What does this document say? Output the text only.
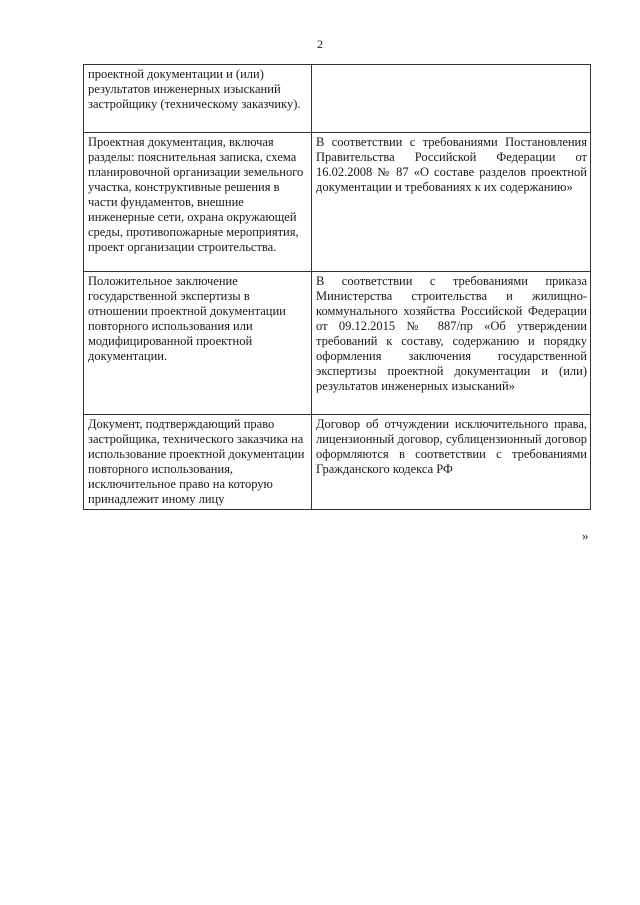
2
проектной документации и (или) результатов инженерных изысканий застройщику (техническому заказчику).	
Проектная документация, включая разделы: пояснительная записка, схема планировочной организации земельного участка, конструктивные решения в части фундаментов, внешние инженерные сети, охрана окружающей среды, противопожарные мероприятия, проект организации строительства.	В соответствии с требованиями Постановления Правительства Российской Федерации от 16.02.2008 № 87 «О составе разделов проектной документации и требованиях к их содержанию»
Положительное заключение государственной экспертизы в отношении проектной документации повторного использования или модифицированной проектной документации.	В соответствии с требованиями приказа Министерства строительства и жилищно-коммунального хозяйства Российской Федерации от 09.12.2015 № 887/пр «Об утверждении требований к составу, содержанию и порядку оформления заключения государственной экспертизы проектной документации и (или) результатов инженерных изысканий»
Документ, подтверждающий право застройщика, технического заказчика на использование проектной документации повторного использования, исключительное право на которую принадлежит иному лицу	Договор об отчуждении исключительного права, лицензионный договор, сублицензионный договор оформляются в соответствии с требованиями Гражданского кодекса РФ
»
